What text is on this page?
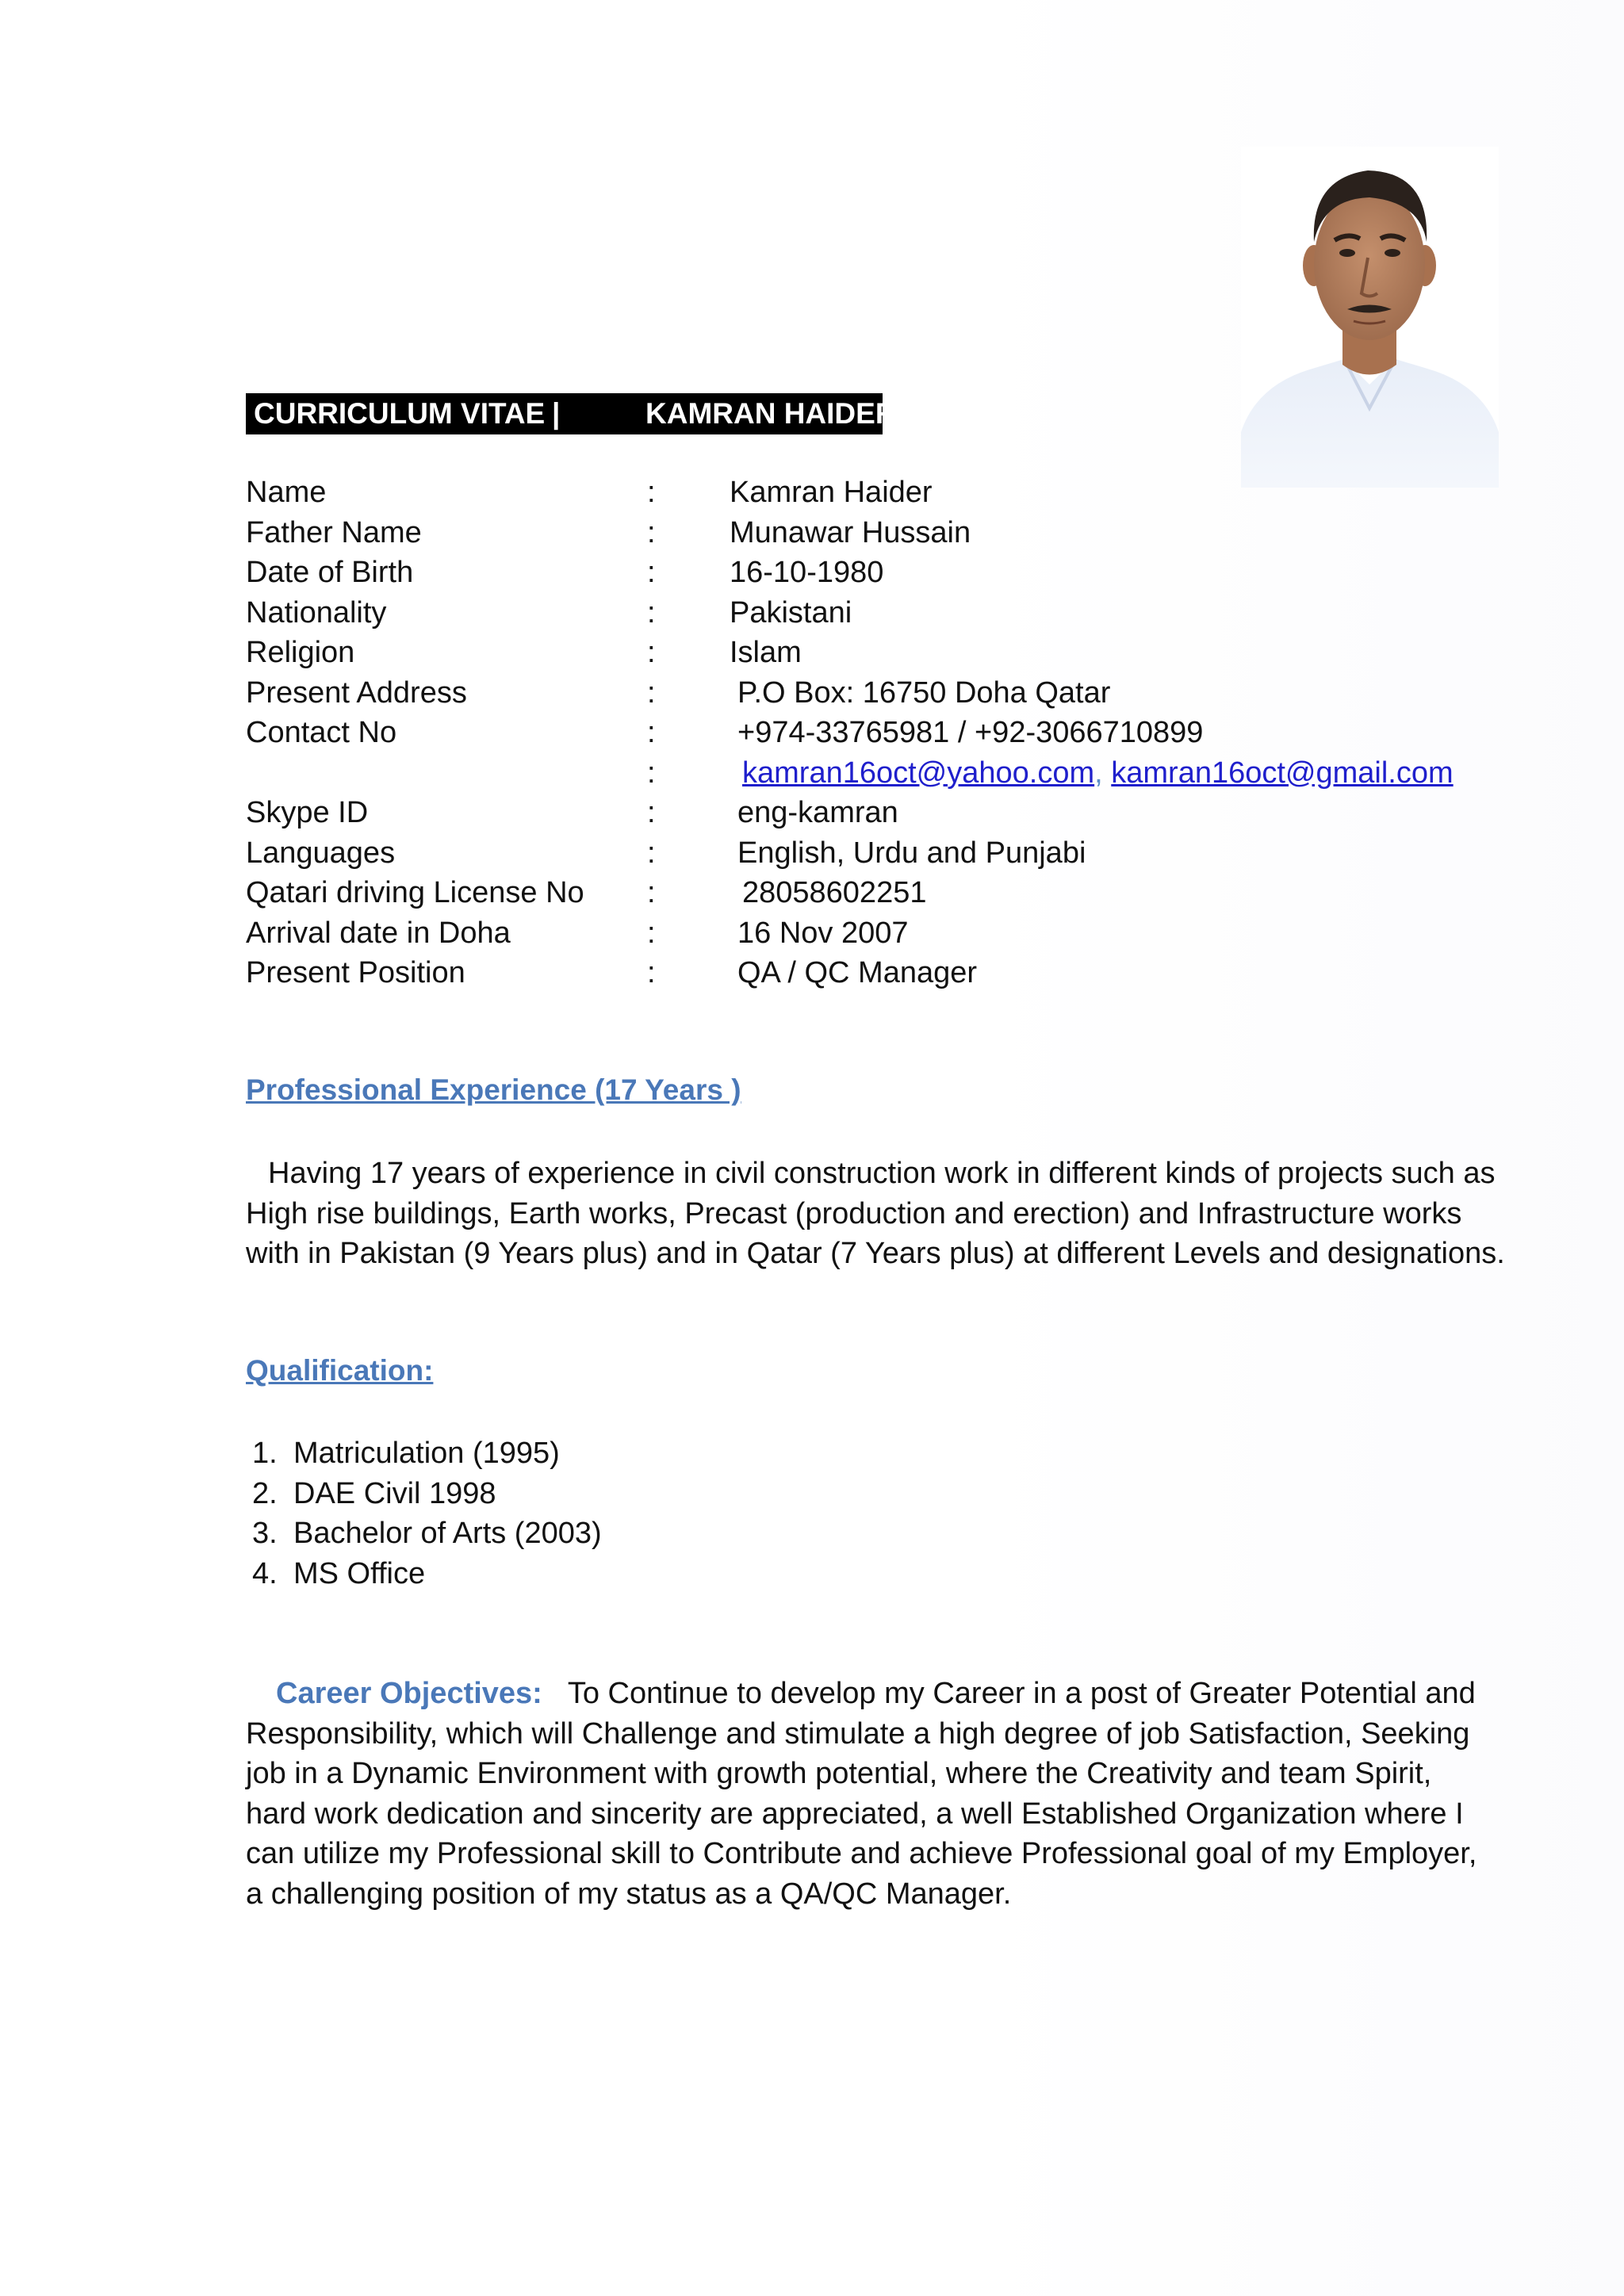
CURRICULUM VITAE |	KAMRAN HAIDER
Name	: Kamran Haider
Father Name	: Munawar Hussain
Date of Birth	: 16-10-1980
Nationality	: Pakistani
Religion	: Islam
Present Address	:	P.O Box: 16750 Doha Qatar
Contact No	:	+974-33765981 / +92-3066710899
:	kamran16oct@yahoo.com, kamran16oct@gmail.com
Skype ID	:	eng-kamran
Languages	:	English, Urdu and Punjabi
Qatari driving License No :	28058602251
Arrival date in Doha	:	16 Nov 2007
Present Position	:	QA / QC Manager
Professional Experience (17 Years )
Having 17 years of experience in civil construction work in different kinds of projects such as
High rise buildings, Earth works, Precast (production and erection) and Infrastructure works
with in Pakistan (9 Years plus) and in Qatar (7 Years plus) at different Levels and designations.
Qualification:
1. Matriculation (1995)
2. DAE Civil 1998
3. Bachelor of Arts (2003)
4. MS Office
Career Objectives: To Continue to develop my Career in a post of Greater Potential and
Responsibility, which will Challenge and stimulate a high degree of job Satisfaction, Seeking
job in a Dynamic Environment with growth potential, where the Creativity and team Spirit,
hard work dedication and sincerity are appreciated, a well Established Organization where I
can utilize my Professional skill to Contribute and achieve Professional goal of my Employer,
a challenging position of my status as a QA/QC Manager.
